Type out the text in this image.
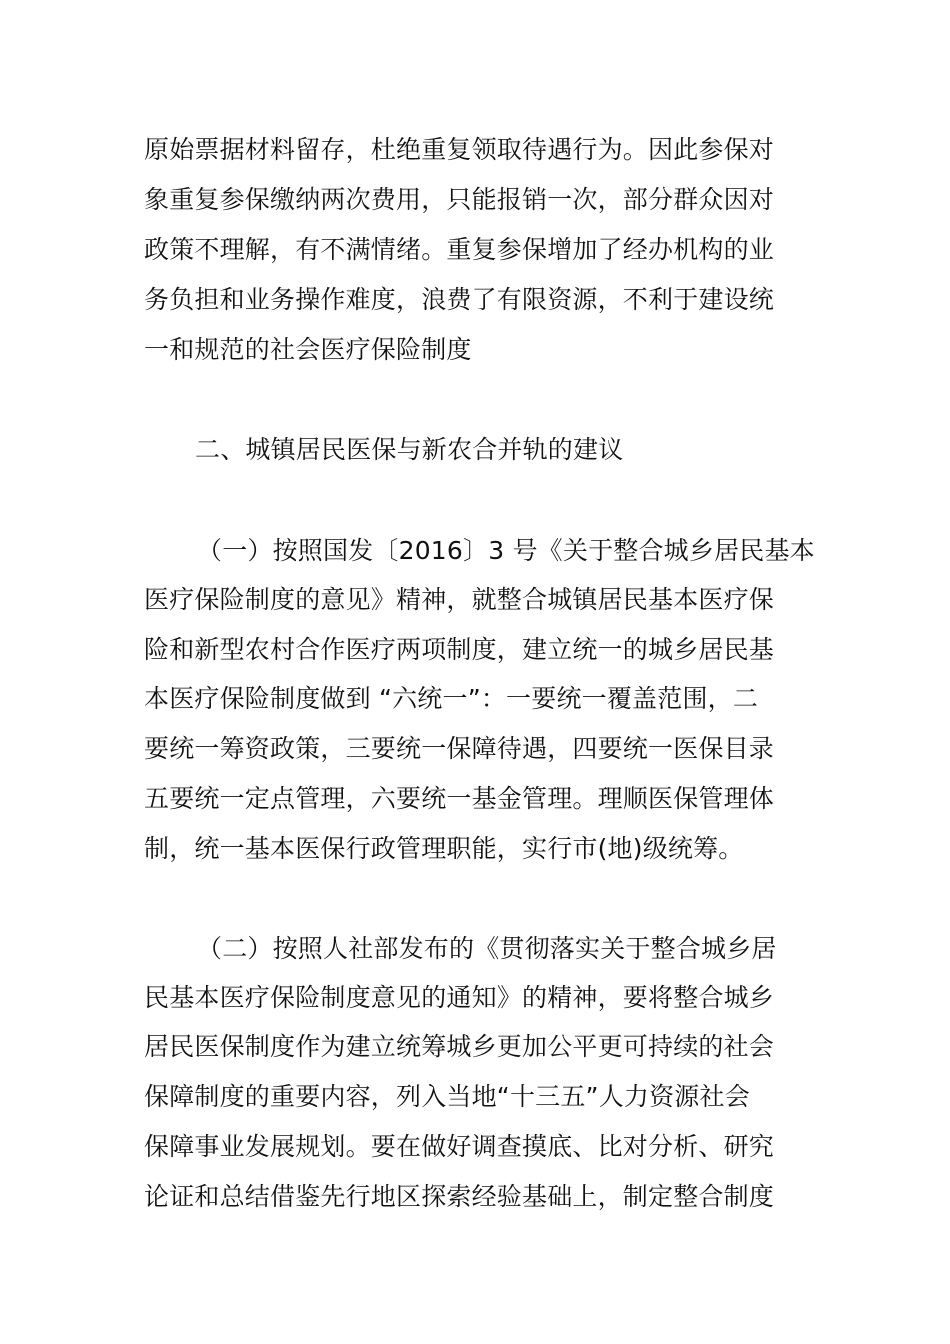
原始票据材料留存，杜绝重复领取待遇行为。因此参保对
象重复参保缴纳两次费用，只能报销一次，部分群众因对
政策不理解，有不满情绪。重复参保增加了经办机构的业
务负担和业务操作难度，浪费了有限资源，不利于建设统
一和规范的社会医疗保险制度
二、城镇居民医保与新农合并轨的建议
（一）按照国发〔2016〕3 号《关于整合城乡居民基本
医疗保险制度的意见》精神，就整合城镇居民基本医疗保
险和新型农村合作医疗两项制度，建立统一的城乡居民基
本医疗保险制度做到 “六统一”：一要统一覆盖范围，二
要统一筹资政策，三要统一保障待遇，四要统一医保目录
五要统一定点管理，六要统一基金管理。理顺医保管理体
制，统一基本医保行政管理职能，实行市(地)级统筹。
（二）按照人社部发布的《贯彻落实关于整合城乡居
民基本医疗保险制度意见的通知》的精神，要将整合城乡
居民医保制度作为建立统筹城乡更加公平更可持续的社会
保障制度的重要内容，列入当地“十三五”人力资源社会
保障事业发展规划。要在做好调查摸底、比对分析、研究
论证和总结借鉴先行地区探索经验基础上，制定整合制度
